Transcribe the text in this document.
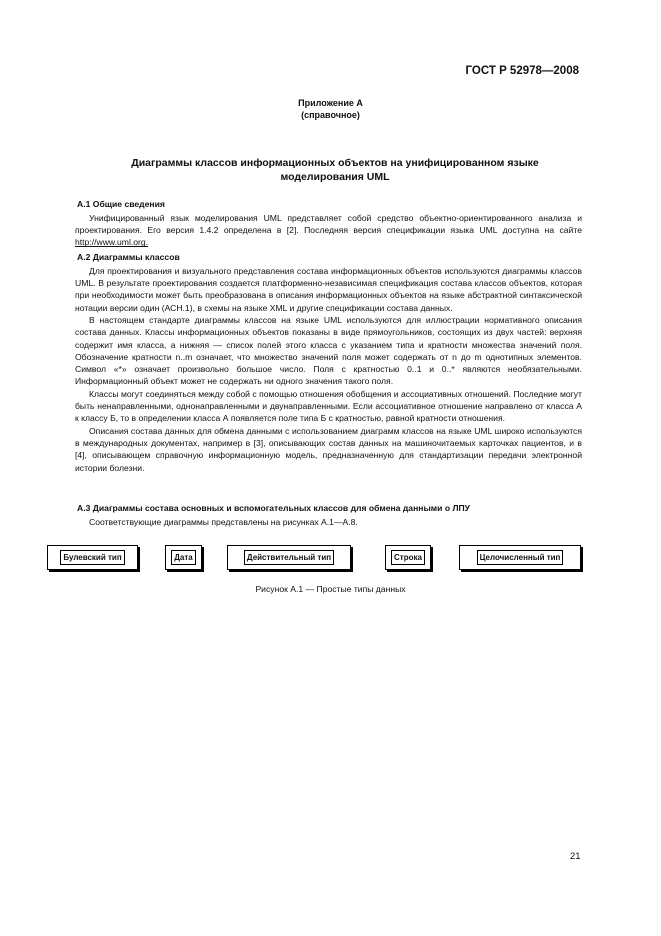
ГОСТ Р 52978—2008
Приложение А
(справочное)
Диаграммы классов информационных объектов на унифицированном языке
моделирования UML
А.1 Общие сведения

Унифицированный язык моделирования UML представляет собой средство объектно-ориентированного анализа и проектирования. Его версия 1.4.2 определена в [2]. Последняя версия спецификации языка UML доступна на сайте http://www.uml.org.

А.2 Диаграммы классов

Для проектирования и визуального представления состава информационных объектов используются диаграммы классов UML. В результате проектирования создается платформенно-независимая спецификация состава классов объектов, которая при необходимости может быть преобразована в описания информационных объектов на языке абстрактной синтаксической нотации версии один (АСН.1), в схемы на языке XML и другие спецификации состава данных.

В настоящем стандарте диаграммы классов на языке UML используются для иллюстрации нормативного описания состава данных. Классы информационных объектов показаны в виде прямоугольников, состоящих из двух частей: верхняя содержит имя класса, а нижняя — список полей этого класса с указанием типа и кратности множества значений поля. Обозначение кратности n..m означает, что множество значений поля может содержать от n до m однотипных элементов. Символ «*» означает произвольно большое число. Поля с кратностью 0..1 и 0..* являются необязательными. Информационный объект может не содержать ни одного значения такого поля.

Классы могут соединяться между собой с помощью отношения обобщения и ассоциативных отношений. Последние могут быть ненаправленными, однонаправленными и двунаправленными. Если ассоциативное отношение направлено от класса А к классу Б, то в определении класса А появляется поле типа Б с кратностью, равной кратности отношения.

Описания состава данных для обмена данными с использованием диаграмм классов на языке UML широко используются в международных документах, например в [3], описывающих состав данных на машиночитаемых карточках пациентов, и в [4], описывающем справочную информационную модель, предназначенную для стандартизации передачи электронной истории болезни.

А.3 Диаграммы состава основных и вспомогательных классов для обмена данными о ЛПУ

Соответствующие диаграммы представлены на рисунках А.1—А.8.

Булевский тип	Дата	Действительный тип	Строка	Целочисленный тип
Рисунок А.1 — Простые типы данных
21
